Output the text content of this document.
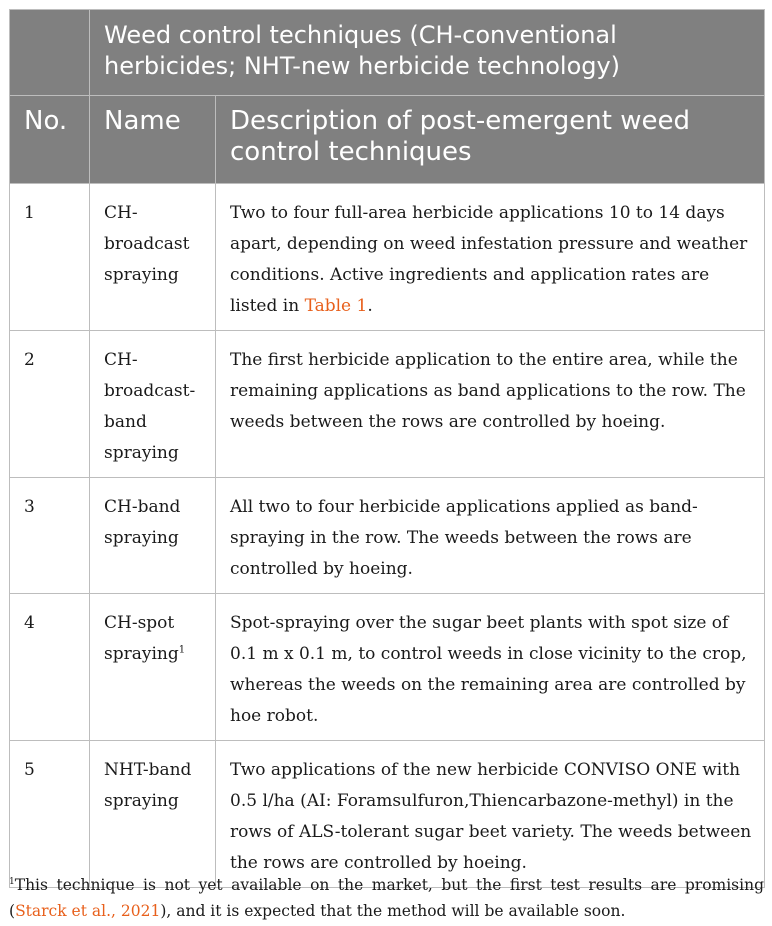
	Weed control techniques (CH-conventional herbicides; NHT-new herbicide technology)	
No.	Name	Description of post-emergent weed control techniques
1	CH-broadcast spraying	Two to four full-area herbicide applications 10 to 14 days apart, depending on weed infestation pressure and weather conditions. Active ingredients and application rates are listed in Table 1.
2	CH-broadcast-band spraying	The first herbicide application to the entire area, while the remaining applications as band applications to the row. The weeds between the rows are controlled by hoeing.
3	CH-band spraying	All two to four herbicide applications applied as band-spraying in the row. The weeds between the rows are controlled by hoeing.
4	CH-spot spraying$^1$	Spot-spraying over the sugar beet plants with spot size of 0.1 m x 0.1 m, to control weeds in close vicinity to the crop, whereas the weeds on the remaining area are controlled by hoe robot.
5	NHT-band spraying	Two applications of the new herbicide CONVISO ONE with 0.5 l/ha (AI: Foramsulfuron,Thiencarbazone-methyl) in the rows of ALS-tolerant sugar beet variety. The weeds between the rows are controlled by hoeing.
$^1$This technique is not yet available on the market, but the first test results are promising (Starck et al., 2021), and it is expected that the method will be available soon.
